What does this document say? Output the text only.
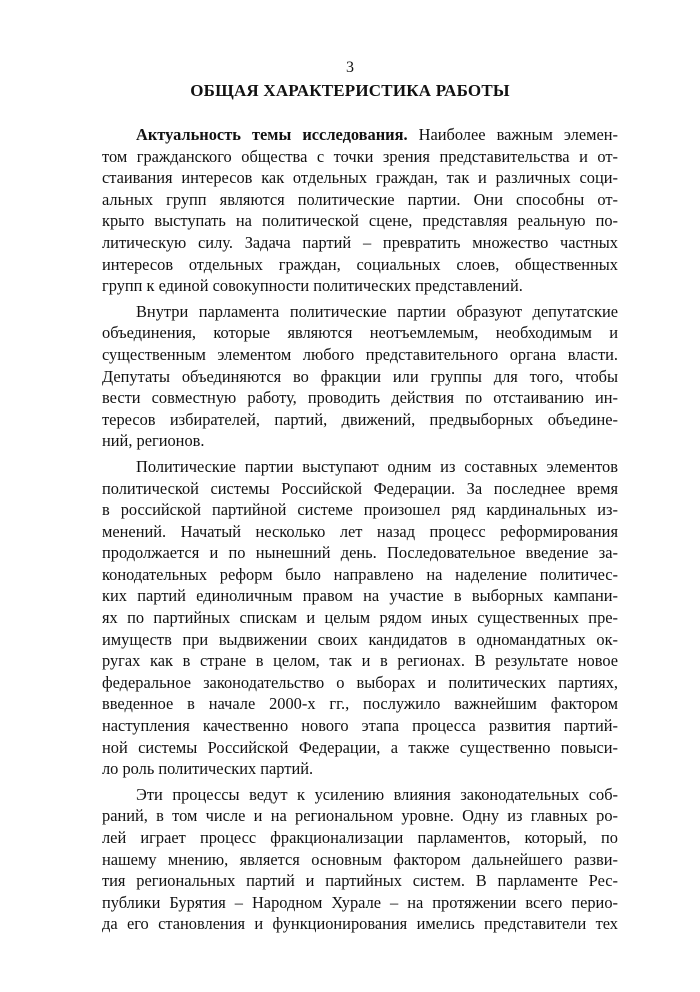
3
ОБЩАЯ ХАРАКТЕРИСТИКА РАБОТЫ
Актуальность темы исследования. Наиболее важным элемен-
том гражданского общества с точки зрения представительства и от-
стаивания интересов как отдельных граждан, так и различных соци-
альных групп являются политические партии. Они способны от-
крыто выступать на политической сцене, представляя реальную по-
литическую силу. Задача партий – превратить множество частных
интересов отдельных граждан, социальных слоев, общественных
групп к единой совокупности политических представлений.
Внутри парламента политические партии образуют депутатские
объединения, которые являются неотъемлемым, необходимым и
существенным элементом любого представительного органа власти.
Депутаты объединяются во фракции или группы для того, чтобы
вести совместную работу, проводить действия по отстаиванию ин-
тересов избирателей, партий, движений, предвыборных объедине-
ний, регионов.
Политические партии выступают одним из составных элементов
политической системы Российской Федерации. За последнее время
в российской партийной системе произошел ряд кардинальных из-
менений. Начатый несколько лет назад процесс реформирования
продолжается и по нынешний день. Последовательное введение за-
конодательных реформ было направлено на наделение политичес-
ких партий единоличным правом на участие в выборных кампани-
ях по партийных спискам и целым рядом иных существенных пре-
имуществ при выдвижении своих кандидатов в одномандатных ок-
ругах как в стране в целом, так и в регионах. В результате новое
федеральное законодательство о выборах и политических партиях,
введенное в начале 2000-х гг., послужило важнейшим фактором
наступления качественно нового этапа процесса развития партий-
ной системы Российской Федерации, а также существенно повыси-
ло роль политических партий.
Эти процессы ведут к усилению влияния законодательных соб-
раний, в том числе и на региональном уровне. Одну из главных ро-
лей играет процесс фракционализации парламентов, который, по
нашему мнению, является основным фактором дальнейшего разви-
тия региональных партий и партийных систем. В парламенте Рес-
публики Бурятия – Народном Хурале – на протяжении всего перио-
да его становления и функционирования имелись представители тех
